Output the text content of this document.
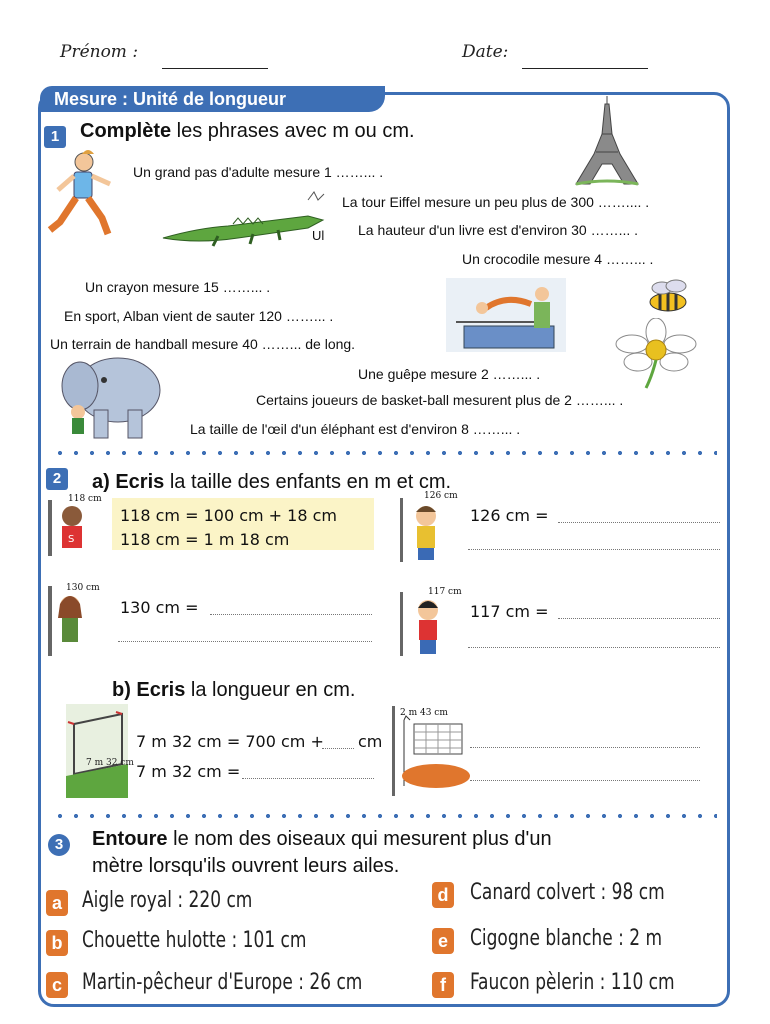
Prénom :	Date:
Mesure : Unité de longueur
1	Complète les phrases avec m ou cm.
Ul
Un grand pas d'adulte mesure 1 ……... .
La tour Eiffel mesure un peu plus de 300 …….... .
La hauteur d'un livre est d'environ 30 ……... .
Un crocodile mesure 4 ……... .
Un crayon mesure 15 ……... .
En sport, Alban vient de sauter 120 ……... .
Un terrain de handball mesure 40 ……... de long.
Une guêpe mesure 2 ……... .
Certains joueurs de basket-ball mesurent plus de 2 ……... .
La taille de l'œil d'un éléphant est d'environ 8 ……... .
2	a) Ecris la taille des enfants en m et cm.
S
118 cm
118 cm = 100 cm + 18 cm
118 cm = 1 m 18 cm
126 cm
126 cm =
130 cm
130 cm =
117 cm
117 cm =
b) Ecris la longueur en cm.
7 m 32 cm
7 m 32 cm = 700 cm + cm
7 m 32 cm =
2 m 43 cm
3	Entoure le nom des oiseaux qui mesurent plus d'un
mètre lorsqu'ils ouvrent leurs ailes.
a Aigle royal : 220 cm
b Chouette hulotte : 101 cm
c Martin-pêcheur d'Europe : 26 cm
d Canard colvert : 98 cm
e Cigogne blanche : 2 m
f	Faucon pèlerin : 110 cm
